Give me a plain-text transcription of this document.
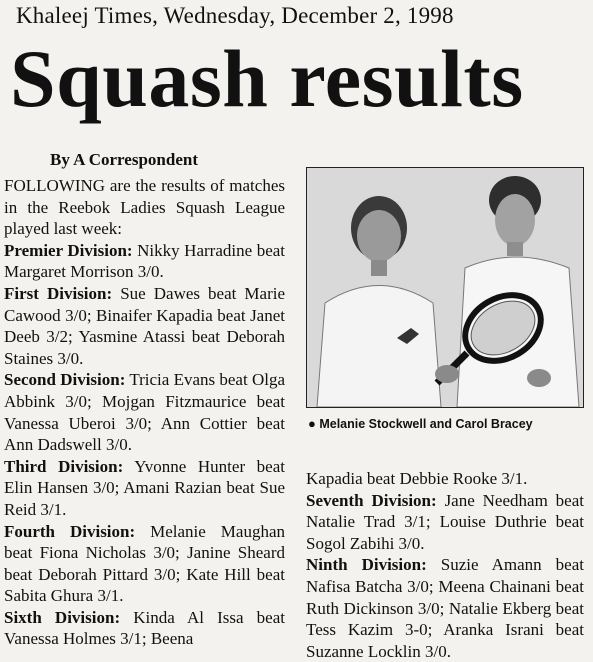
Khaleej Times, Wednesday, December 2, 1998
Squash results
By A Correspondent

FOLLOWING are the results of matches in the Reebok Ladies Squash League played last week:

Premier Division: Nikky Harradine beat Margaret Morrison 3/0.

First Division: Sue Dawes beat Marie Cawood 3/0; Binaifer Kapadia beat Janet Deeb 3/2; Yasmine Atassi beat Deborah Staines 3/0.

Second Division: Tricia Evans beat Olga Abbink 3/0; Mojgan Fitzmaurice beat Vanessa Uberoi 3/0; Ann Cottier beat Ann Dadswell 3/0.

Third Division: Yvonne Hunter beat Elin Hansen 3/0; Amani Razian beat Sue Reid 3/1.

Fourth Division: Melanie Maughan beat Fiona Nicholas 3/0; Janine Sheard beat Deborah Pittard 3/0; Kate Hill beat Sabita Ghura 3/1.

Sixth Division: Kinda Al Issa beat Vanessa Holmes 3/1; Beena

● Melanie Stockwell and Carol Bracey

Kapadia beat Debbie Rooke 3/1.

Seventh Division: Jane Needham beat Natalie Trad 3/1; Louise Duthrie beat Sogol Zabihi 3/0.

Ninth Division: Suzie Amann beat Nafisa Batcha 3/0; Meena Chainani beat Ruth Dickinson 3/0; Natalie Ekberg beat Tess Kazim 3-0; Aranka Israni beat Suzanne Locklin 3/0.
